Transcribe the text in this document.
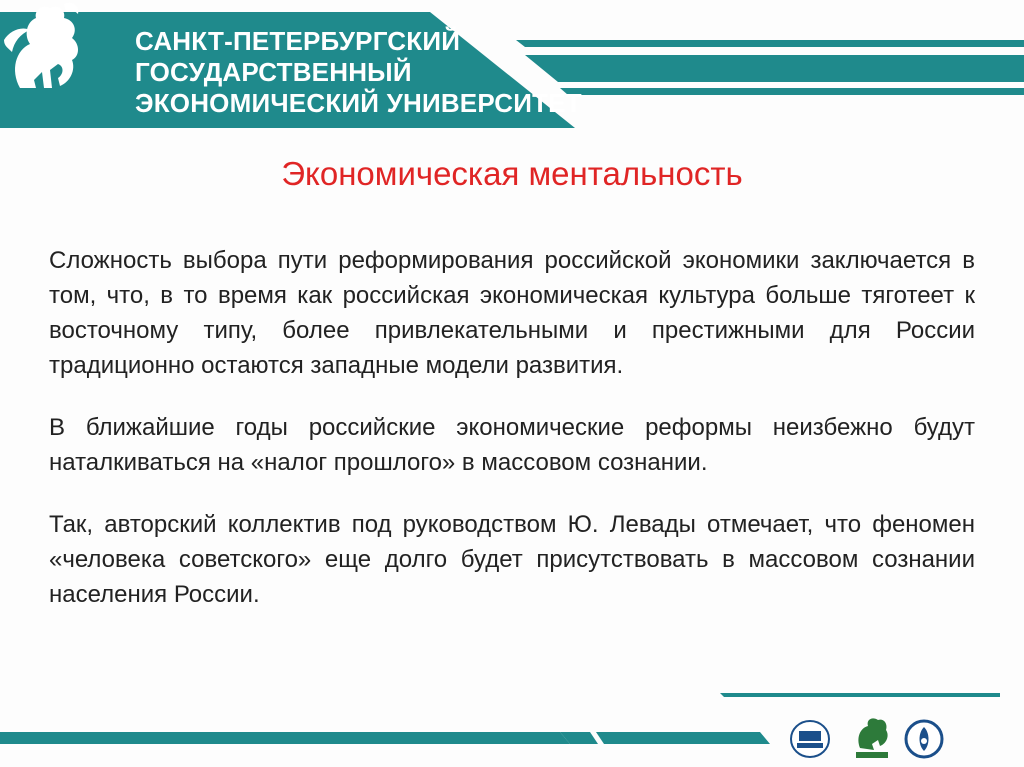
САНКТ-ПЕТЕРБУРГСКИЙ
ГОСУДАРСТВЕННЫЙ
ЭКОНОМИЧЕСКИЙ УНИВЕРСИТЕТ
Экономическая ментальность

Сложность выбора пути реформирования российской экономики заключается в том, что, в то время как российская экономическая культура больше тяготеет к восточному типу, более привлекательными и престижными для России традиционно остаются западные модели развития.

В ближайшие годы российские экономические реформы неизбежно будут наталкиваться на «налог прошлого» в массовом сознании.

Так, авторский коллектив под руководством Ю. Левады отмечает, что феномен «человека советского» еще долго будет присутствовать в массовом сознании населения России.
